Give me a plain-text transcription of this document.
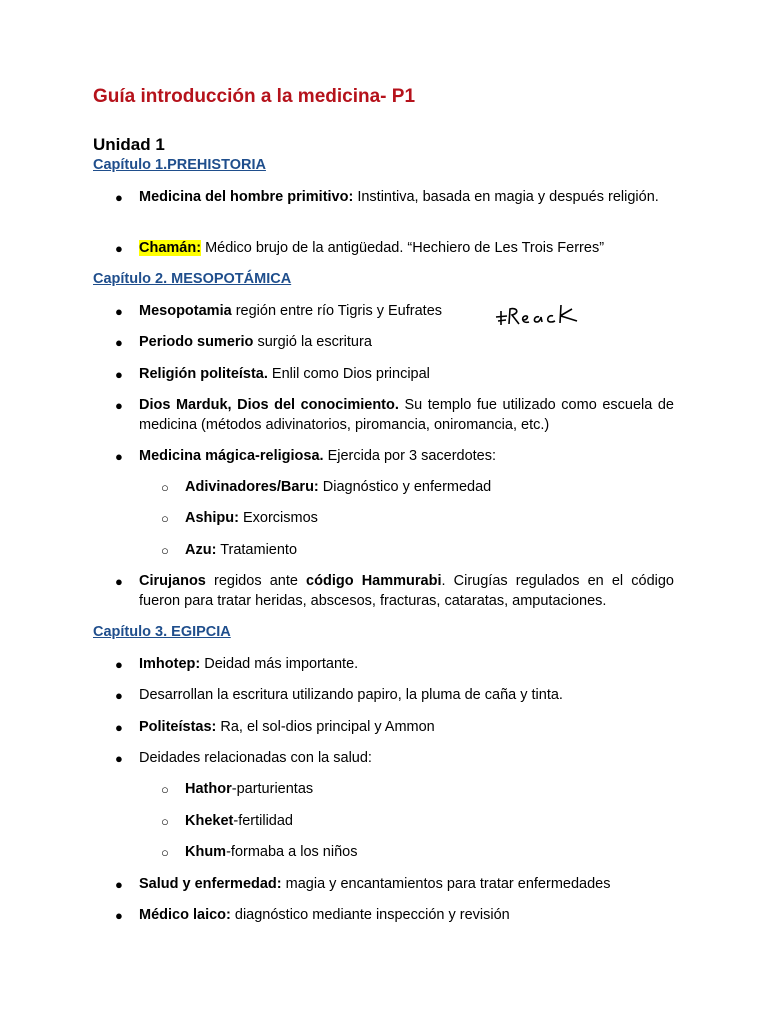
Guía introducción a la medicina- P1
Unidad 1
Capítulo 1.PREHISTORIA
● Medicina del hombre primitivo: Instintiva, basada en magia y después religión.
● Chamán: Médico brujo de la antigüedad. “Hechiero de Les Trois Ferres”
Capítulo 2. MESOPOTÁMICA
● Mesopotamia región entre río Tigris y Eufrates
● Periodo sumerio surgió la escritura
● Religión politeísta. Enlil como Dios principal
● Dios Marduk, Dios del conocimiento. Su templo fue utilizado como escuela de medicina (métodos adivinatorios, piromancia, oniromancia, etc.)
● Medicina mágica-religiosa. Ejercida por 3 sacerdotes:
○ Adivinadores/Baru: Diagnóstico y enfermedad
○ Ashipu: Exorcismos
○ Azu: Tratamiento
● Cirujanos regidos ante código Hammurabi. Cirugías regulados en el código fueron para tratar heridas, abscesos, fracturas, cataratas, amputaciones.
Capítulo 3. EGIPCIA
● Imhotep: Deidad más importante.
● Desarrollan la escritura utilizando papiro, la pluma de caña y tinta.
● Politeístas: Ra, el sol-dios principal y Ammon
● Deidades relacionadas con la salud:
○ Hathor-parturientas
○ Kheket-fertilidad
○ Khum-formaba a los niños
● Salud y enfermedad: magia y encantamientos para tratar enfermedades
● Médico laico: diagnóstico mediante inspección y revisión
